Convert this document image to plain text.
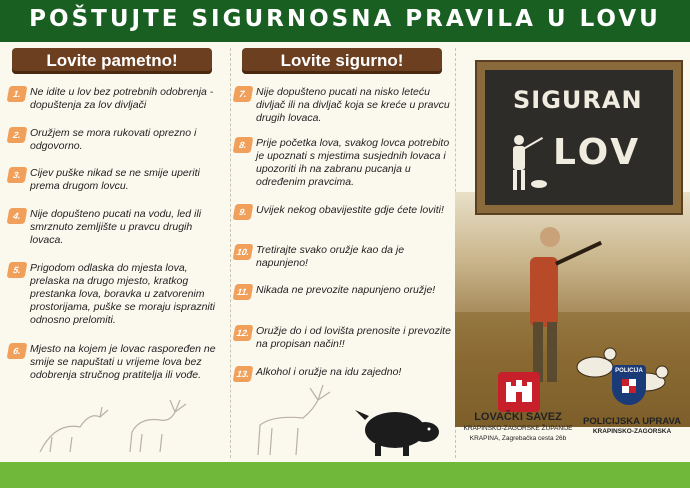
POŠTUJTE SIGURNOSNA PRAVILA U LOVU
Lovite pametno!
1. Ne idite u lov bez potrebnih odobrenja -dopuštenja za lov divljači
2. Oružjem se mora rukovati oprezno i odgovorno.
3. Cijev puške nikad se ne smije uperiti prema drugom lovcu.
4. Nije dopušteno pucati na vodu, led ili smrznuto zemljište u pravcu drugih lovaca.
5. Prigodom odlaska do mjesta lova, prelaska na drugo mjesto, kratkog prestanka lova, boravka u zatvorenim prostorijama, puške se moraju isprazniti odnosno prelomiti.
6. Mjesto na kojem je lovac raspoređen ne smije se napuštati u vrijeme lova bez odobrenja stručnog pratitelja ili vođe.
7. Nije dopušteno pucati na nisko leteću divljač ili na divljač koja se kreće u pravcu drugih lovaca.
8. Prije početka lova, svakog lovca potrebito je upoznati s mjestima susjednih lovaca i upozoriti ih na zabranu pucanja u određenim pravcima.
9. Uvijek nekog obavijestite gdje ćete loviti!
10. Tretirajte svako oružje kao da je napunjeno!
11. Nikada ne prevozite napunjeno oružje!
12. Oružje do i od lovišta prenosite i prevozite na propisan način!!
13. Alkohol i oružje na idu zajedno!
Lovite sigurno!
SIGURAN
LOV
LOVAČKI SAVEZ
KRAPINSKO-ZAGORSKE ŽUPANIJE
KRAPINA, Zagrebačka cesta 26b
POLICIJA
POLICIJSKA UPRAVA
KRAPINSKO-ZAGORSKA
